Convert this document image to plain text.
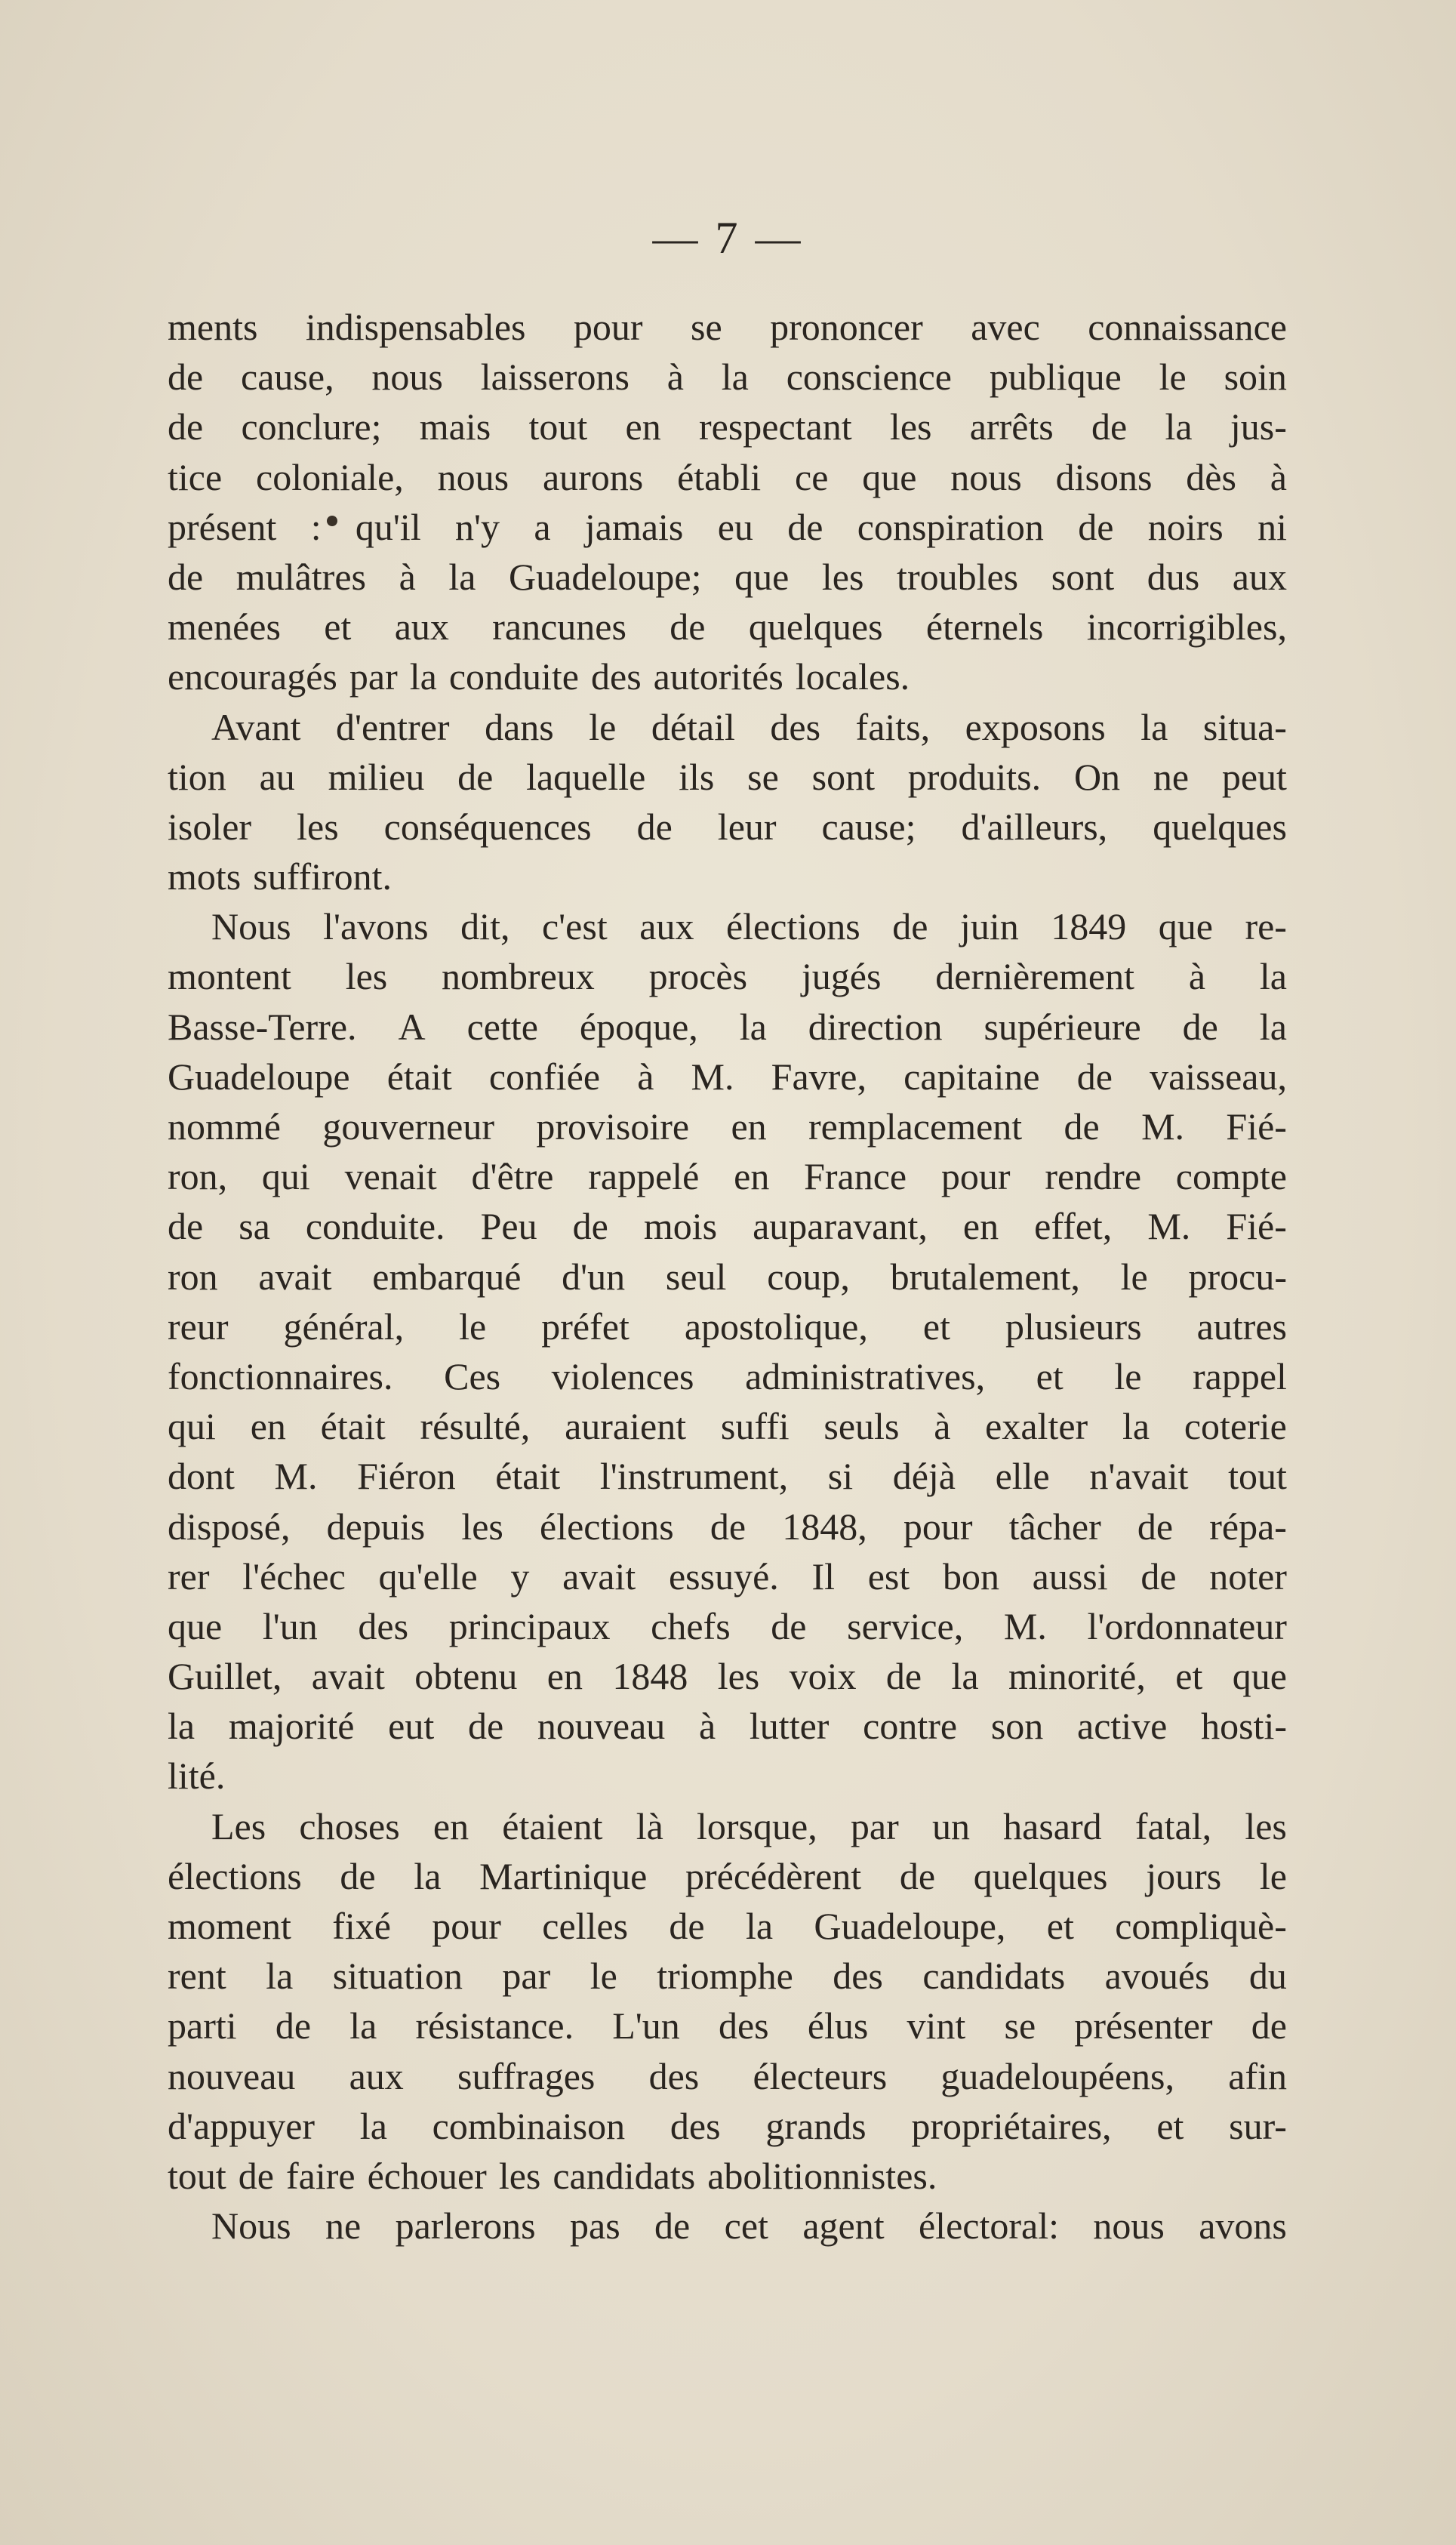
— 7 —
ments indispensables pour se prononcer avec connaissance
de cause, nous laisserons à la conscience publique le soin
de conclure; mais tout en respectant les arrêts de la jus-
tice coloniale, nous aurons établi ce que nous disons dès à
présent : qu'il n'y a jamais eu de conspiration de noirs ni
de mulâtres à la Guadeloupe; que les troubles sont dus aux
menées et aux rancunes de quelques éternels incorrigibles,
encouragés par la conduite des autorités locales.
Avant d'entrer dans le détail des faits, exposons la situa-
tion au milieu de laquelle ils se sont produits. On ne peut
isoler les conséquences de leur cause; d'ailleurs, quelques
mots suffiront.
Nous l'avons dit, c'est aux élections de juin 1849 que re-
montent les nombreux procès jugés dernièrement à la
Basse-Terre. A cette époque, la direction supérieure de la
Guadeloupe était confiée à M. Favre, capitaine de vaisseau,
nommé gouverneur provisoire en remplacement de M. Fié-
ron, qui venait d'être rappelé en France pour rendre compte
de sa conduite. Peu de mois auparavant, en effet, M. Fié-
ron avait embarqué d'un seul coup, brutalement, le procu-
reur général, le préfet apostolique, et plusieurs autres
fonctionnaires. Ces violences administratives, et le rappel
qui en était résulté, auraient suffi seuls à exalter la coterie
dont M. Fiéron était l'instrument, si déjà elle n'avait tout
disposé, depuis les élections de 1848, pour tâcher de répa-
rer l'échec qu'elle y avait essuyé. Il est bon aussi de noter
que l'un des principaux chefs de service, M. l'ordonnateur
Guillet, avait obtenu en 1848 les voix de la minorité, et que
la majorité eut de nouveau à lutter contre son active hosti-
lité.
Les choses en étaient là lorsque, par un hasard fatal, les
élections de la Martinique précédèrent de quelques jours le
moment fixé pour celles de la Guadeloupe, et compliquè-
rent la situation par le triomphe des candidats avoués du
parti de la résistance. L'un des élus vint se présenter de
nouveau aux suffrages des électeurs guadeloupéens, afin
d'appuyer la combinaison des grands propriétaires, et sur-
tout de faire échouer les candidats abolitionnistes.
Nous ne parlerons pas de cet agent électoral: nous avons
